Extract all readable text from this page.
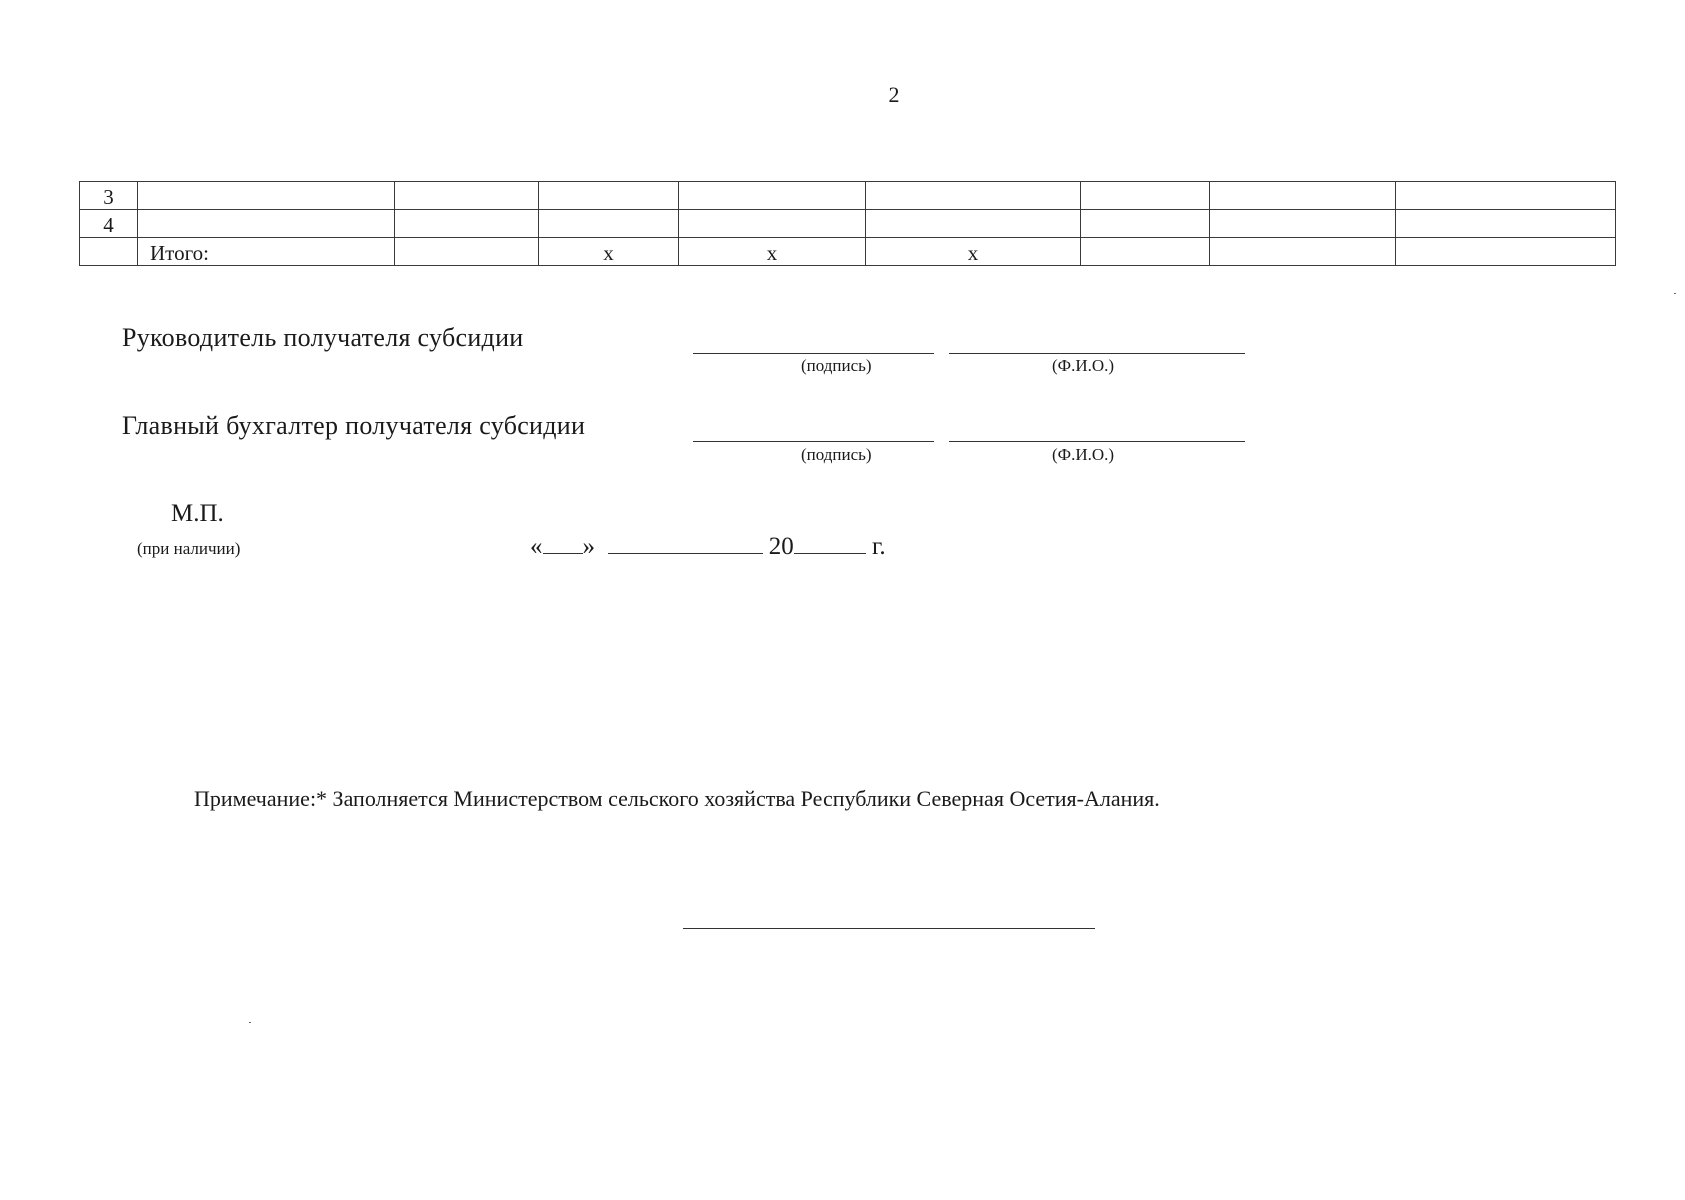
2
3								
4								
	Итого:		x	x	x			
Руководитель получателя субсидии
(подпись)	(Ф.И.О.)
Главный бухгалтер получателя субсидии
(подпись)	(Ф.И.О.)
М.П.
(при наличии)	« »	20	г.
Примечание:* Заполняется Министерством сельского хозяйства Республики Северная Осетия-Алания.
